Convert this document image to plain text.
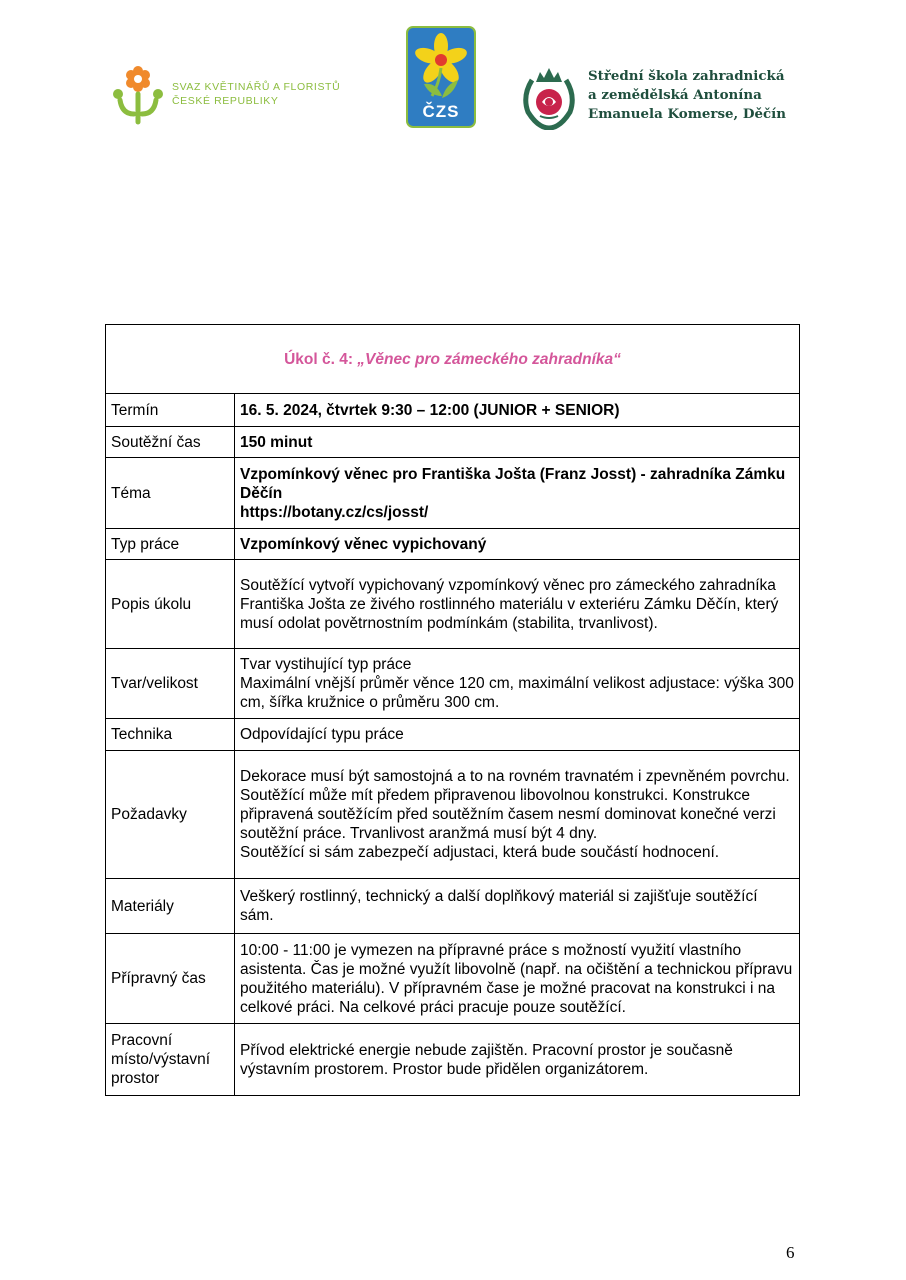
SVAZ KVĚTINÁŘŮ A FLORISTŮ
ČESKÉ REPUBLIKY
ČZS
Střední škola zahradnická
a zemědělská Antonína
Emanuela Komerse, Děčín
Úkol č. 4: „Věnec pro zámeckého zahradníka“	
Termín	16. 5. 2024, čtvrtek 9:30 – 12:00 (JUNIOR + SENIOR)

Soutěžní čas	150 minut

Téma	Vzpomínkový věnec pro Františka Jošta (Franz Josst) - zahradníka Zámku Děčín
https://botany.cz/cs/josst/

Typ práce	Vzpomínkový věnec vypichovaný

Popis úkolu	Soutěžící vytvoří vypichovaný vzpomínkový věnec pro zámeckého zahradníka Františka Jošta ze živého rostlinného materiálu v exteriéru Zámku Děčín, který musí odolat povětrnostním podmínkám (stabilita, trvanlivost).

Tvar/velikost	Tvar vystihující typ práce
Maximální vnější průměr věnce 120 cm, maximální velikost adjustace: výška 300 cm, šířka kružnice o průměru 300 cm.

Technika	Odpovídající typu práce

Požadavky	Dekorace musí být samostojná a to na rovném travnatém i zpevněném povrchu. Soutěžící může mít předem připravenou libovolnou konstrukci. Konstrukce připravená soutěžícím před soutěžním časem nesmí dominovat konečné verzi soutěžní práce. Trvanlivost aranžmá musí být 4 dny.
Soutěžící si sám zabezpečí adjustaci, která bude součástí hodnocení.

Materiály	Veškerý rostlinný, technický a další doplňkový materiál si zajišťuje soutěžící sám.

Přípravný čas	10:00 - 11:00 je vymezen na přípravné práce s možností využití vlastního asistenta. Čas je možné využít libovolně (např. na očištění a technickou přípravu použitého materiálu). V přípravném čase je možné pracovat na konstrukci i na celkové práci. Na celkové práci pracuje pouze soutěžící.

Pracovní místo/výstavní prostor	Přívod elektrické energie nebude zajištěn. Pracovní prostor je současně výstavním prostorem. Prostor bude přidělen organizátorem.
6
